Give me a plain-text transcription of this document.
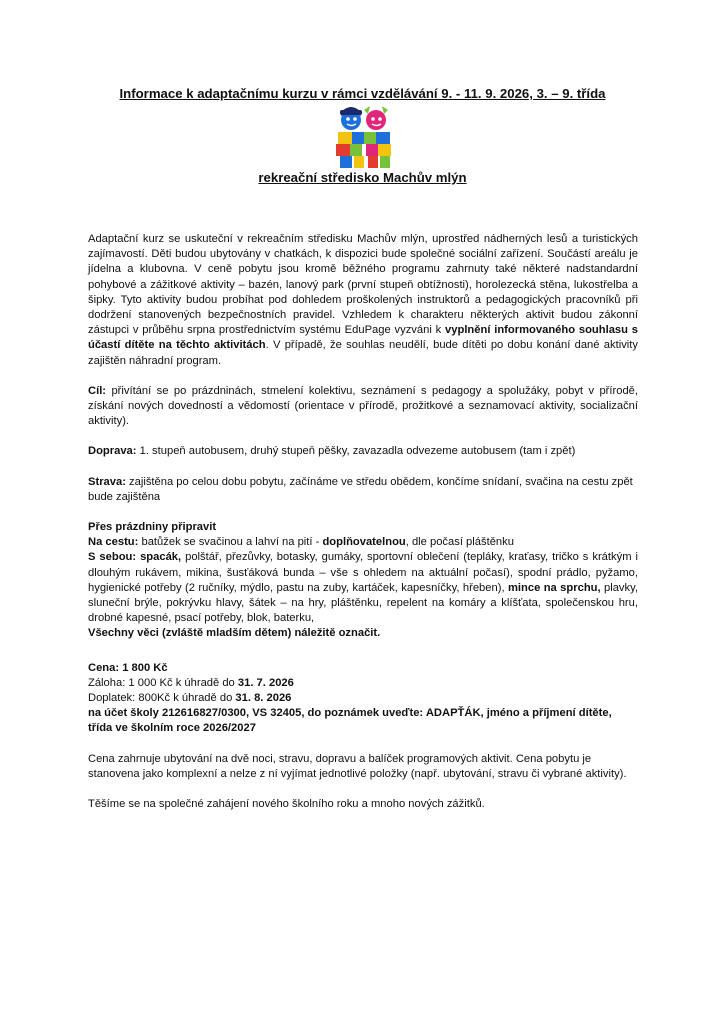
Informace k adaptačnímu kurzu v rámci vzdělávání 9. - 11. 9. 2026, 3. – 9. třída
rekreační středisko Machův mlýn

Adaptační kurz se uskuteční v rekreačním středisku Machův mlýn, uprostřed nádherných lesů a turistických zajímavostí. Děti budou ubytovány v chatkách, k dispozici bude společné sociální zařízení. Součástí areálu je jídelna a klubovna. V ceně pobytu jsou kromě běžného programu zahrnuty také některé nadstandardní pohybové a zážitkové aktivity – bazén, lanový park (první stupeň obtížnosti), horolezecká stěna, lukostřelba a šipky. Tyto aktivity budou probíhat pod dohledem proškolených instruktorů a pedagogických pracovníků při dodržení stanovených bezpečnostních pravidel. Vzhledem k charakteru některých aktivit budou zákonní zástupci v průběhu srpna prostřednictvím systému EduPage vyzváni k vyplnění informovaného souhlasu s účastí dítěte na těchto aktivitách. V případě, že souhlas neudělí, bude dítěti po dobu konání dané aktivity zajištěn náhradní program.

Cíl: přivítání se po prázdninách, stmelení kolektivu, seznámení s pedagogy a spolužáky, pobyt v přírodě, získání nových dovedností a vědomostí (orientace v přírodě, prožitkové a seznamovací aktivity, socializační aktivity).

Doprava: 1. stupeň autobusem, druhý stupeň pěšky, zavazadla odvezeme autobusem (tam i zpět)

Strava: zajištěna po celou dobu pobytu, začínáme ve středu obědem, končíme snídaní, svačina na cestu zpět bude zajištěna

Přes prázdniny připravit

Na cestu: batůžek se svačinou a lahví na pití - doplňovatelnou, dle počasí pláštěnku

S sebou: spacák, polštář, přezůvky, botasky, gumáky, sportovní oblečení (tepláky, kraťasy, tričko s krátkým i dlouhým rukávem, mikina, šusťáková bunda – vše s ohledem na aktuální počasí), spodní prádlo, pyžamo, hygienické potřeby (2 ručníky, mýdlo, pastu na zuby, kartáček, kapesníčky, hřeben), mince na sprchu, plavky, sluneční brýle, pokrývku hlavy, šátek – na hry, pláštěnku, repelent na komáry a klíšťata, společenskou hru, drobné kapesné, psací potřeby, blok, baterku,

Všechny věci (zvláště mladším dětem) náležitě označit.

Cena: 1 800 Kč

Záloha: 1 000 Kč k úhradě do 31. 7. 2026

Doplatek: 800Kč k úhradě do 31. 8. 2026

na účet školy 212616827/0300, VS 32405, do poznámek uveďte: ADAPŤÁK, jméno a příjmení dítěte, třída ve školním roce 2026/2027

Cena zahrnuje ubytování na dvě noci, stravu, dopravu a balíček programových aktivit. Cena pobytu je stanovena jako komplexní a nelze z ní vyjímat jednotlivé položky (např. ubytování, stravu či vybrané aktivity).

Těšíme se na společné zahájení nového školního roku a mnoho nových zážitků.
